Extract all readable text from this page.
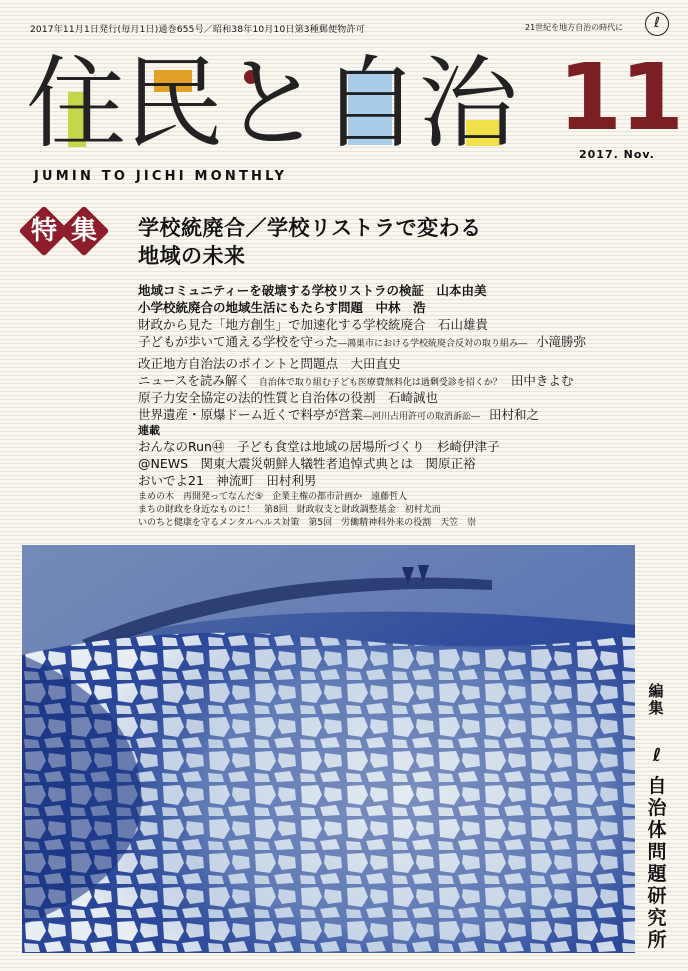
2017年11月1日発行(毎月1日)通巻655号／昭和38年10月10日第3種郵便物許可	21世紀を地方自治の時代に	ℓ
住
民
と
自
治
JUMIN TO JICHI MONTHLY
11
2017. Nov.
特 集	学校統廃合／学校リストラで変わる
地域の未来
地域コミュニティーを破壊する学校リストラの検証　山本由美
小学校統廃合の地域生活にもたらす問題　中林　浩
財政から見た「地方創生」で加速化する学校統廃合　石山雄貴
子どもが歩いて通える学校を守った―鴻巣市における学校統廃合反対の取り組み―　小滝勝弥
改正地方自治法のポイントと問題点　大田直史
ニュースを読み解く　自治体で取り組む子ども医療費無料化は過剰受診を招くか？　田中きよむ
原子力安全協定の法的性質と自治体の役割　石崎誠也
世界遺産・原爆ドーム近くで料亭が営業―河川占用許可の取消訴訟―　田村和之
連載
おんなのRun㊹　子ども食堂は地域の居場所づくり　杉崎伊津子
@NEWS　関東大震災朝鮮人犠牲者追悼式典とは　関原正裕
おいでよ21　神流町　田村利男
まめの木　再開発ってなんだ⑤　企業主権の都市計画か　遠藤哲人
まちの財政を身近なものに！　第8回　財政収支と財政調整基金　初村尤而
いのちと健康を守るメンタルヘルス対策　第5回　労働精神科外来の役割　天笠　崇
編集
ℓ
自治体問題研究所
